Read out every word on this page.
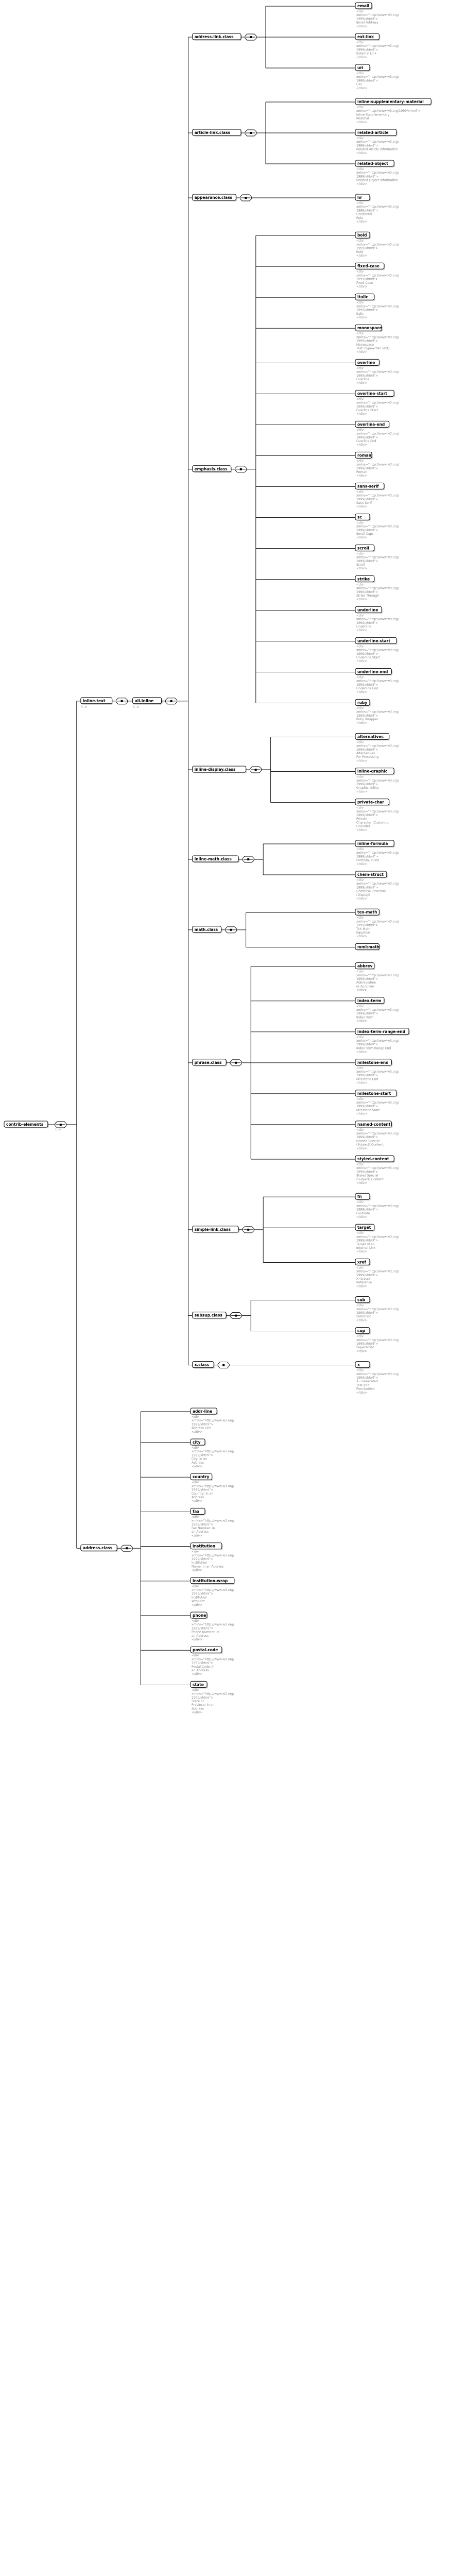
contrib-elements
1..∞
inline-text
0..∞
all-inline
0..∞
address-link.class
email
<div
xmlns="http://www.w3.org/
1999/xhtml">
Email Address
</div>
ext-link
<div
xmlns="http://www.w3.org/
1999/xhtml">
External Link
</div>
uri
<div
xmlns="http://www.w3.org/
1999/xhtml">
URI
</div>
article-link.class
inline-supplementary-material
<div
xmlns="http://www.w3.org/1999/xhtml">
Inline Supplementary
Material
</div>
related-article
<div
xmlns="http://www.w3.org/
1999/xhtml">
Related Article Information
</div>
related-object
<div
xmlns="http://www.w3.org/
1999/xhtml">
Related Object Information
</div>
appearance.class	hr
<div
xmlns="http://www.w3.org/
1999/xhtml">
Horizontal
Rule
</div>
emphasis.class
bold
<div
xmlns="http://www.w3.org/
1999/xhtml">
Bold
</div>
fixed-case
<div
xmlns="http://www.w3.org/
1999/xhtml">
Fixed Case
</div>
italic
<div
xmlns="http://www.w3.org/
1999/xhtml">
Italic
</div>
monospace
<div
xmlns="http://www.w3.org/
1999/xhtml">
Monospace
Text (Typewriter Text)
</div>
overline
<div
xmlns="http://www.w3.org/
1999/xhtml">
Overline
</div>
overline-start
<div
xmlns="http://www.w3.org/
1999/xhtml">
Overline Start
</div>
overline-end
<div
xmlns="http://www.w3.org/
1999/xhtml">
Overline End
</div>
roman
<div
xmlns="http://www.w3.org/
1999/xhtml">
Roman
</div>
sans-serif
<div
xmlns="http://www.w3.org/
1999/xhtml">
Sans Serif
</div>
sc
<div
xmlns="http://www.w3.org/
1999/xhtml">
Small Caps
</div>
scroll
<div
xmlns="http://www.w3.org/
1999/xhtml">
Scroll
</div>
strike
<div
xmlns="http://www.w3.org/
1999/xhtml">
Strike Through
</div>
underline
<div
xmlns="http://www.w3.org/
1999/xhtml">
Underline
</div>
underline-start
<div
xmlns="http://www.w3.org/
1999/xhtml">
Underline Start
</div>
underline-end
<div
xmlns="http://www.w3.org/
1999/xhtml">
Underline End
</div>
ruby
<div
xmlns="http://www.w3.org/
1999/xhtml">
Ruby Wrapper
</div>
inline-display.class
alternatives
<div
xmlns="http://www.w3.org/
1999/xhtml">
Alternatives
For Processing
</div>
inline-graphic
<div
xmlns="http://www.w3.org/
1999/xhtml">
Graphic, Inline
</div>
private-char
<div
xmlns="http://www.w3.org/
1999/xhtml">
Private
Character (Custom or
Unicode)
</div>
inline-math.class
inline-formula
<div
xmlns="http://www.w3.org/
1999/xhtml">
Formula, Inline
</div>
chem-struct
<div
xmlns="http://www.w3.org/
1999/xhtml">
Chemical Structure
(Display)
</div>
math.class
tex-math
<div
xmlns="http://www.w3.org/
1999/xhtml">
TeX Math
Equation
</div>
mml:math
phrase.class
abbrev
<div
xmlns="http://www.w3.org/
1999/xhtml">
Abbreviation
or Acronym
</div>
index-term
<div
xmlns="http://www.w3.org/
1999/xhtml">
Index Term
</div>
index-term-range-end
<div
xmlns="http://www.w3.org/
1999/xhtml">
Index Term Range End
</div>
milestone-end
<div
xmlns="http://www.w3.org/
1999/xhtml">
Milestone End
</div>
milestone-start
<div
xmlns="http://www.w3.org/
1999/xhtml">
Milestone Start
</div>
named-content
<div
xmlns="http://www.w3.org/
1999/xhtml">
Named Special
(Subject) Content
</div>
styled-content
<div
xmlns="http://www.w3.org/
1999/xhtml">
Styled Special
(Subject) Content
</div>
simple-link.class
fn
<div
xmlns="http://www.w3.org/
1999/xhtml">
Footnote
</div>
target
<div
xmlns="http://www.w3.org/
1999/xhtml">
Target of an
Internal Link
</div>
xref
<div
xmlns="http://www.w3.org/
1999/xhtml">
X (cross)
Reference
</div>
subsup.class
sub
<div
xmlns="http://www.w3.org/
1999/xhtml">
Subscript
</div>
sup
<div
xmlns="http://www.w3.org/
1999/xhtml">
Superscript
</div>
x.class	x
<div
xmlns="http://www.w3.org/
1999/xhtml">
X - Generated
Text and
Punctuation
</div>
address.class
addr-line
<div
xmlns="http://www.w3.org/
1999/xhtml">
Address Line
</div>
city
<div
xmlns="http://www.w3.org/
1999/xhtml">
City: in an
Address
</div>
country
<div
xmlns="http://www.w3.org/
1999/xhtml">
Country: in an
Address
</div>
fax
<div
xmlns="http://www.w3.org/
1999/xhtml">
Fax Number: in
an Address
</div>
institution
<div
xmlns="http://www.w3.org/
1999/xhtml">
Institution
Name: in an Address
</div>
institution-wrap
<div
xmlns="http://www.w3.org/
1999/xhtml">
Institution
Wrapper
</div>
phone
<div
xmlns="http://www.w3.org/
1999/xhtml">
Phone Number: in
an Address
</div>
postal-code
<div
xmlns="http://www.w3.org/
1999/xhtml">
Postal Code: in
an Address
</div>
state
<div
xmlns="http://www.w3.org/
1999/xhtml">
State or
Province: in an
Address
</div>
